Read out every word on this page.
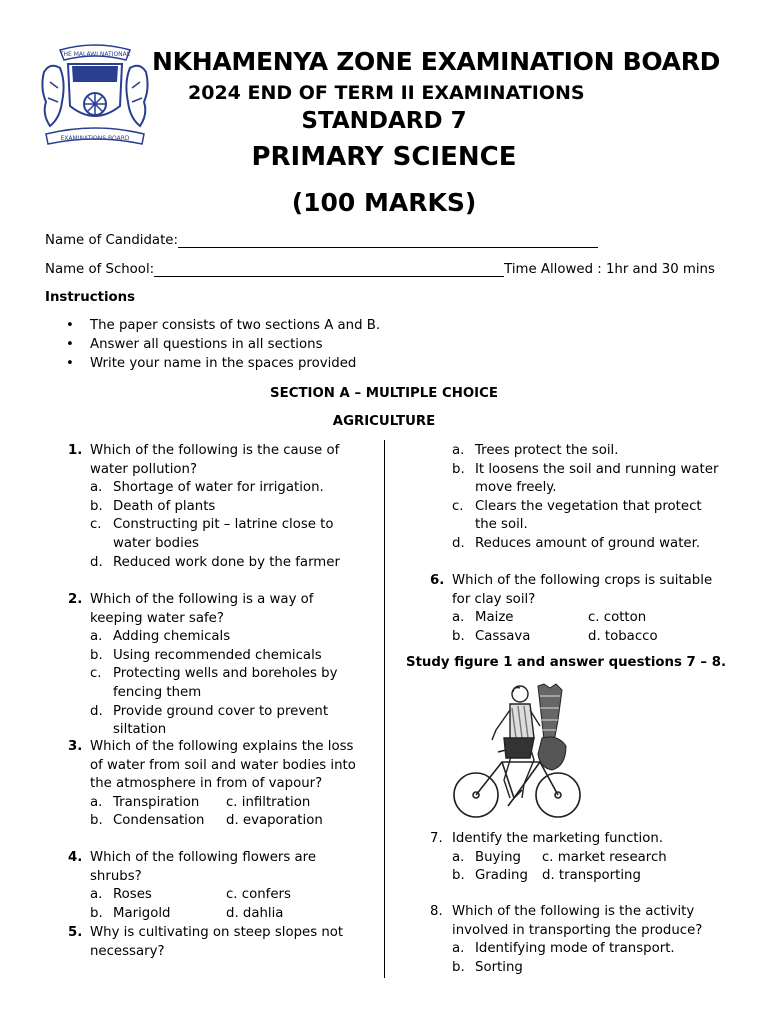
THE MALAWI NATIONAL
EXAMINATIONS BOARD
NKHAMENYA ZONE EXAMINATION BOARD
2024 END OF TERM II EXAMINATIONS
STANDARD 7
PRIMARY SCIENCE
(100 MARKS)
Name of Candidate:
Name of School:	Time Allowed : 1hr and 30 mins
Instructions
• The paper consists of two sections A and B.
• Answer all questions in all sections
• Write your name in the spaces provided
SECTION A – MULTIPLE CHOICE
AGRICULTURE
1. Which of the following is the cause of water pollution?
a. Shortage of water for irrigation.
b. Death of plants
c. Constructing pit – latrine close to water bodies
d. Reduced work done by the farmer
2. Which of the following is a way of keeping water safe?
a. Adding chemicals
b. Using recommended chemicals
c. Protecting wells and boreholes by fencing them
d. Provide ground cover to prevent siltation
3. Which of the following explains the loss of water from soil and water bodies into the atmosphere in from of vapour?
a. Transpiration c. infiltration
b. Condensation d. evaporation
4. Which of the following flowers are shrubs?
a. Roses	c. confers
b. Marigold	d. dahlia
5. Why is cultivating on steep slopes not necessary?
a. Trees protect the soil.
b. It loosens the soil and running water move freely.
c. Clears the vegetation that protect the soil.
d. Reduces amount of ground water.
6. Which of the following crops is suitable for clay soil?
a. Maize	c. cotton
b. Cassava	d. tobacco
Study figure 1 and answer questions 7 – 8.
7. Identify the marketing function.
a. Buying c. market research
b. Grading d. transporting
8. Which of the following is the activity involved in transporting the produce?
a. Identifying mode of transport.
b. Sorting
